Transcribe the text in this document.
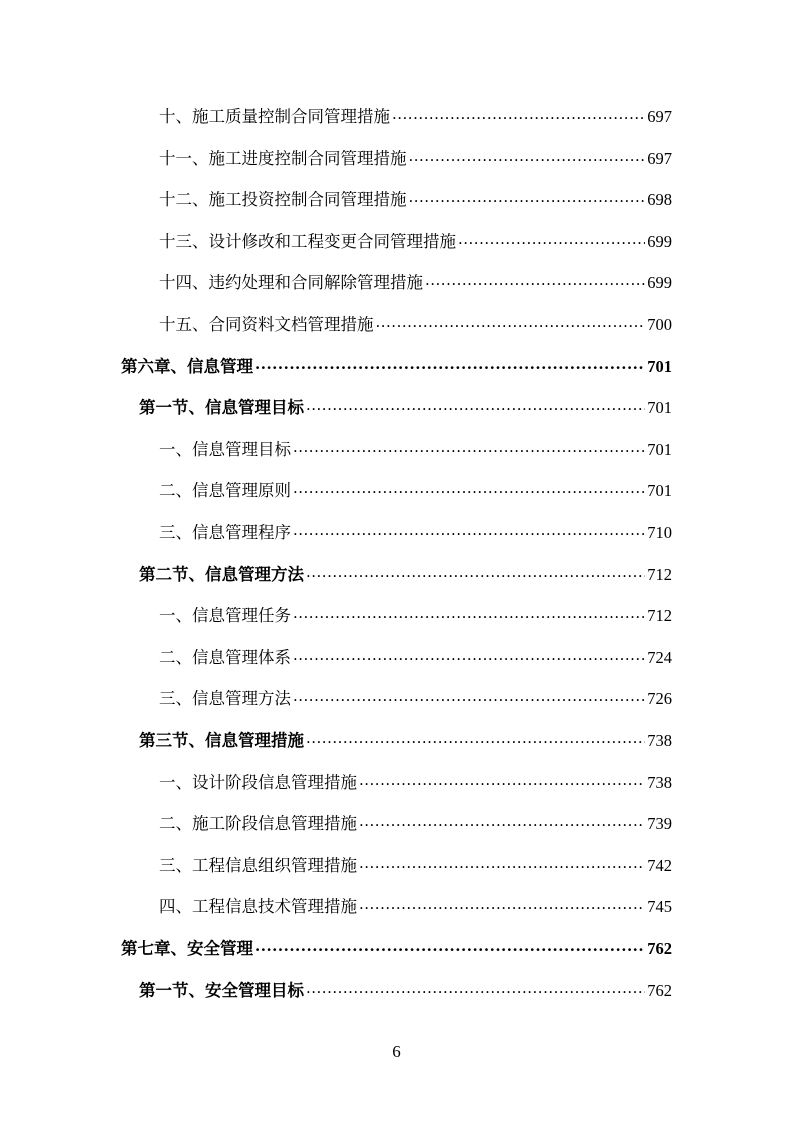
十、施工质量控制合同管理措施 .....	697
十一、施工进度控制合同管理措施 .....	697
十二、施工投资控制合同管理措施 .....	698
十三、设计修改和工程变更合同管理措施 .....	699
十四、违约处理和合同解除管理措施 .....	699
十五、合同资料文档管理措施 .....	700
第六章、信息管理 .....	701
第一节、信息管理目标 .....	701
一、信息管理目标 .....	701
二、信息管理原则 .....	701
三、信息管理程序 .....	710
第二节、信息管理方法 .....	712
一、信息管理任务 .....	712
二、信息管理体系 .....	724
三、信息管理方法 .....	726
第三节、信息管理措施 .....	738
一、设计阶段信息管理措施 .....	738
二、施工阶段信息管理措施 .....	739
三、工程信息组织管理措施 .....	742
四、工程信息技术管理措施 .....	745
第七章、安全管理 .....	762
第一节、安全管理目标 .....	762
6
